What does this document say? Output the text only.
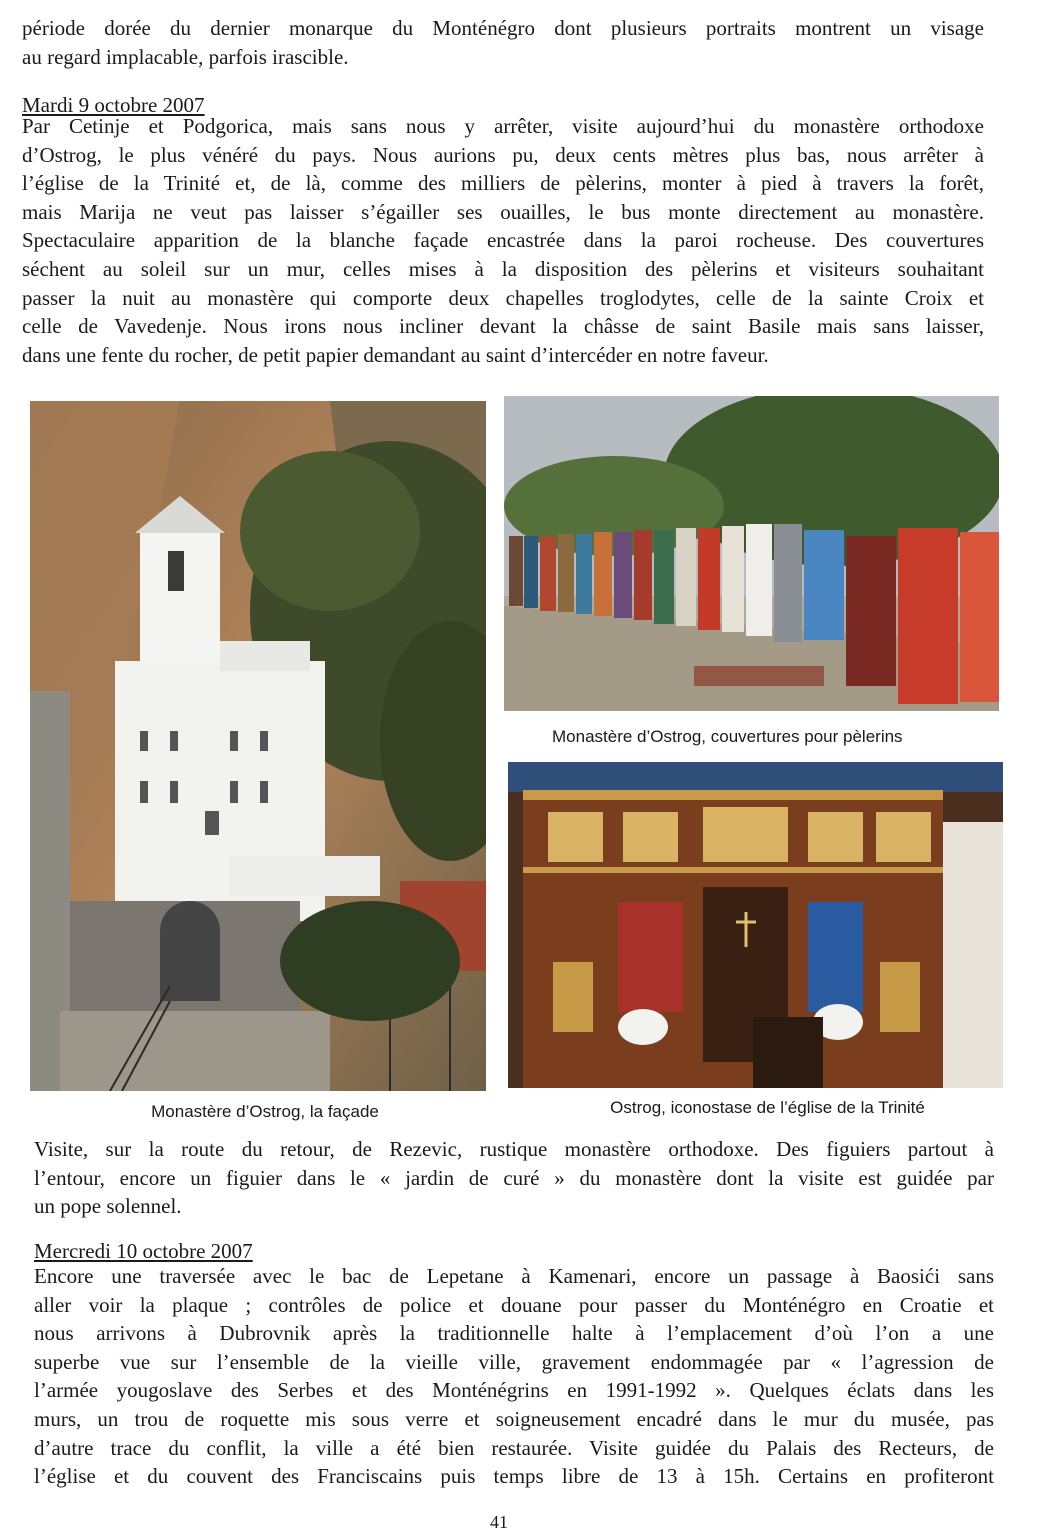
période dorée du dernier monarque du Monténégro dont plusieurs portraits montrent un visage
au regard implacable, parfois irascible.
Mardi 9 octobre 2007
Par Cetinje et Podgorica, mais sans nous y arrêter, visite aujourd’hui du monastère orthodoxe
d’Ostrog, le plus vénéré du pays. Nous aurions pu, deux cents mètres plus bas, nous arrêter à
l’église de la Trinité et, de là, comme des milliers de pèlerins, monter à pied à travers la forêt,
mais Marija ne veut pas laisser s’égailler ses ouailles, le bus monte directement au monastère.
Spectaculaire apparition de la blanche façade encastrée dans la paroi rocheuse. Des couvertures
séchent au soleil sur un mur, celles mises à la disposition des pèlerins et visiteurs souhaitant
passer la nuit au monastère qui comporte deux chapelles troglodytes, celle de la sainte Croix et
celle de Vavedenje. Nous irons nous incliner devant la châsse de saint Basile mais sans laisser,
dans une fente du rocher, de petit papier demandant au saint d’intercéder en notre faveur.
Monastère d’Ostrog, couvertures pour pèlerins
Monastère d’Ostrog, la façade	Ostrog, iconostase de l’église de la Trinité
Visite, sur la route du retour, de Rezevic, rustique monastère orthodoxe. Des figuiers partout à
l’entour, encore un figuier dans le « jardin de curé » du monastère dont la visite est guidée par
un pope solennel.
Mercredi 10 octobre 2007
Encore une traversée avec le bac de Lepetane à Kamenari, encore un passage à Baosići sans
aller voir la plaque ; contrôles de police et douane pour passer du Monténégro en Croatie et
nous arrivons à Dubrovnik après la traditionnelle halte à l’emplacement d’où l’on a une
superbe vue sur l’ensemble de la vieille ville, gravement endommagée par « l’agression de
l’armée yougoslave des Serbes et des Monténégrins en 1991-1992 ». Quelques éclats dans les
murs, un trou de roquette mis sous verre et soigneusement encadré dans le mur du musée, pas
d’autre trace du conflit, la ville a été bien restaurée. Visite guidée du Palais des Recteurs, de
l’église et du couvent des Franciscains puis temps libre de 13 à 15h. Certains en profiteront
41
